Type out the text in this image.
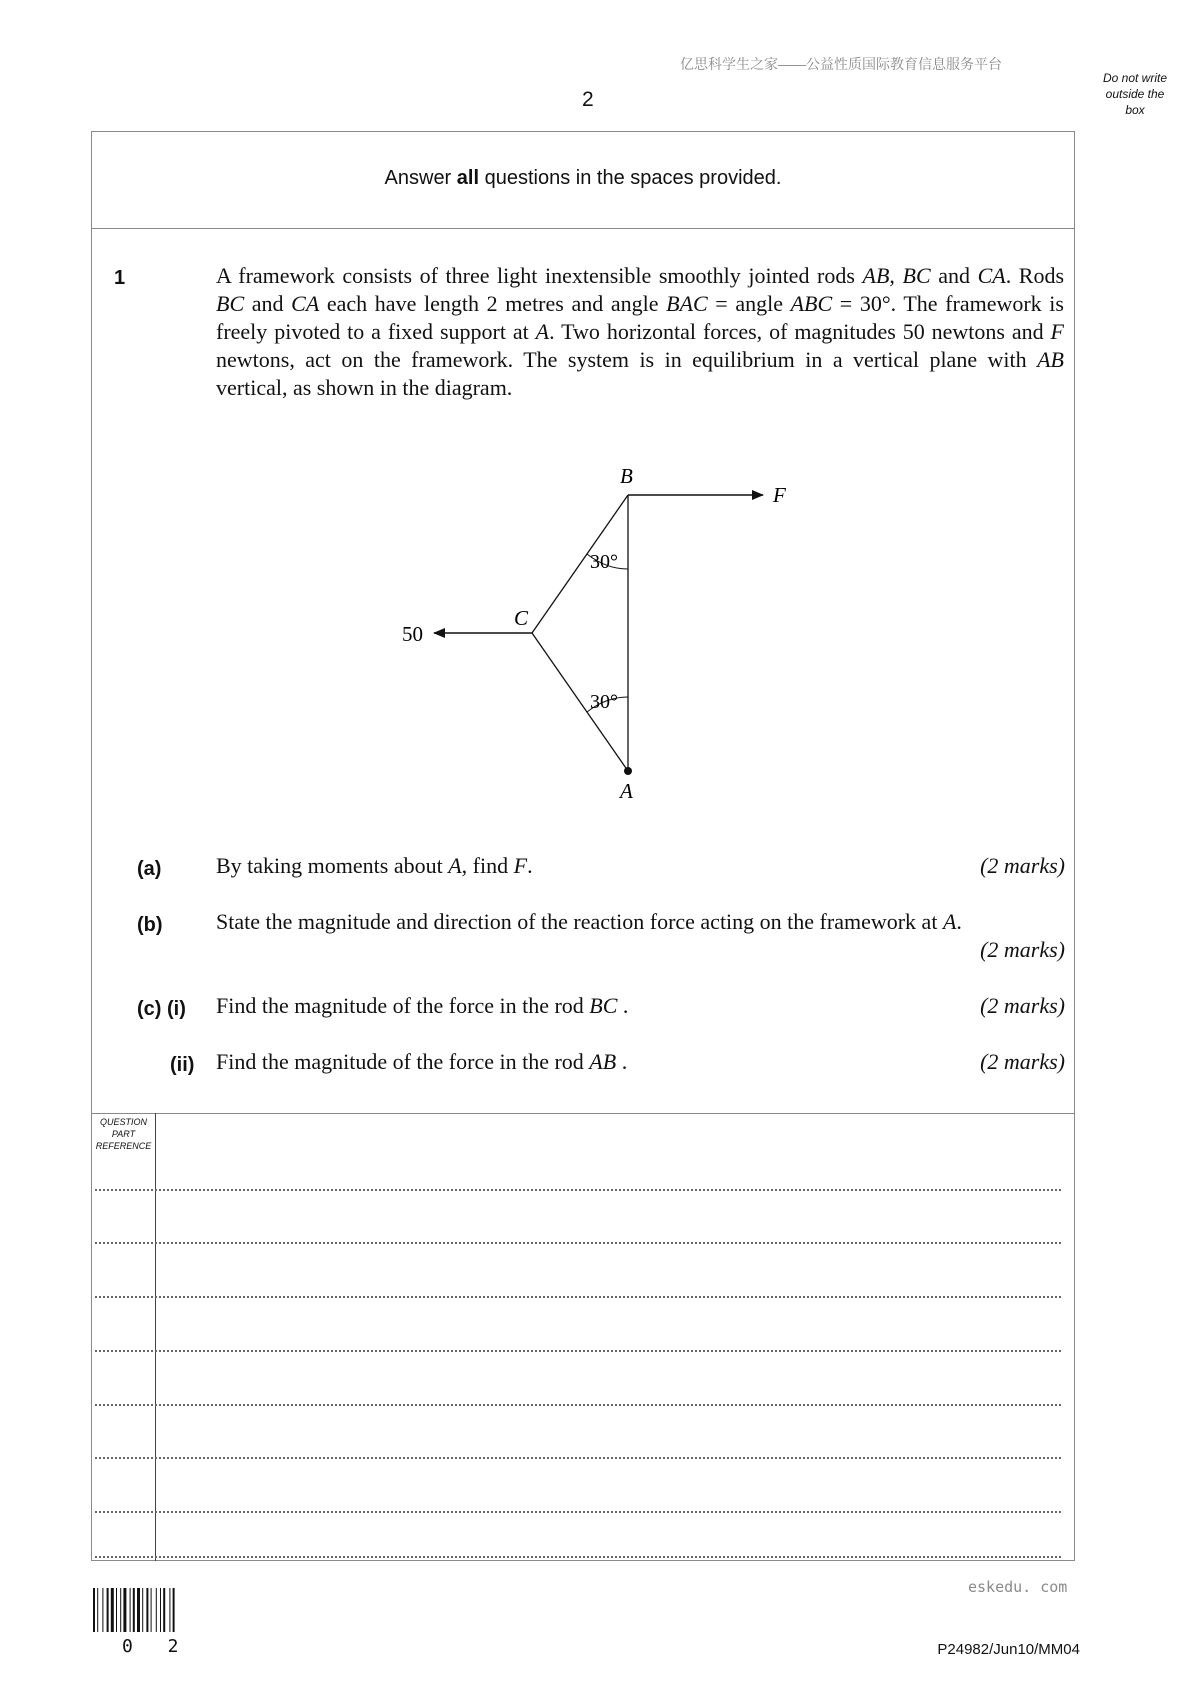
亿思科学生之家——公益性质国际教育信息服务平台
2
Do not write
outside the
box
Answer all questions in the spaces provided.
1	A framework consists of three light inextensible smoothly jointed rods AB, BC and CA. Rods BC and CA each have length 2 metres and angle BAC = angle ABC = 30°. The framework is freely pivoted to a fixed support at A. Two horizontal forces, of magnitudes 50 newtons and F newtons, act on the framework. The system is in equilibrium in a vertical plane with AB vertical, as shown in the diagram.
B
F
C
A
50
30°
30°
(a) By taking moments about A, find F.	(2 marks)
(b) State the magnitude and direction of the reaction force acting on the framework at A.
(2 marks)
(c) (i) Find the magnitude of the force in the rod BC .	(2 marks)
(ii) Find the magnitude of the force in the rod AB .	(2 marks)
QUESTION
PART
REFERENCE
eskedu. com
0 2	P24982/Jun10/MM04
